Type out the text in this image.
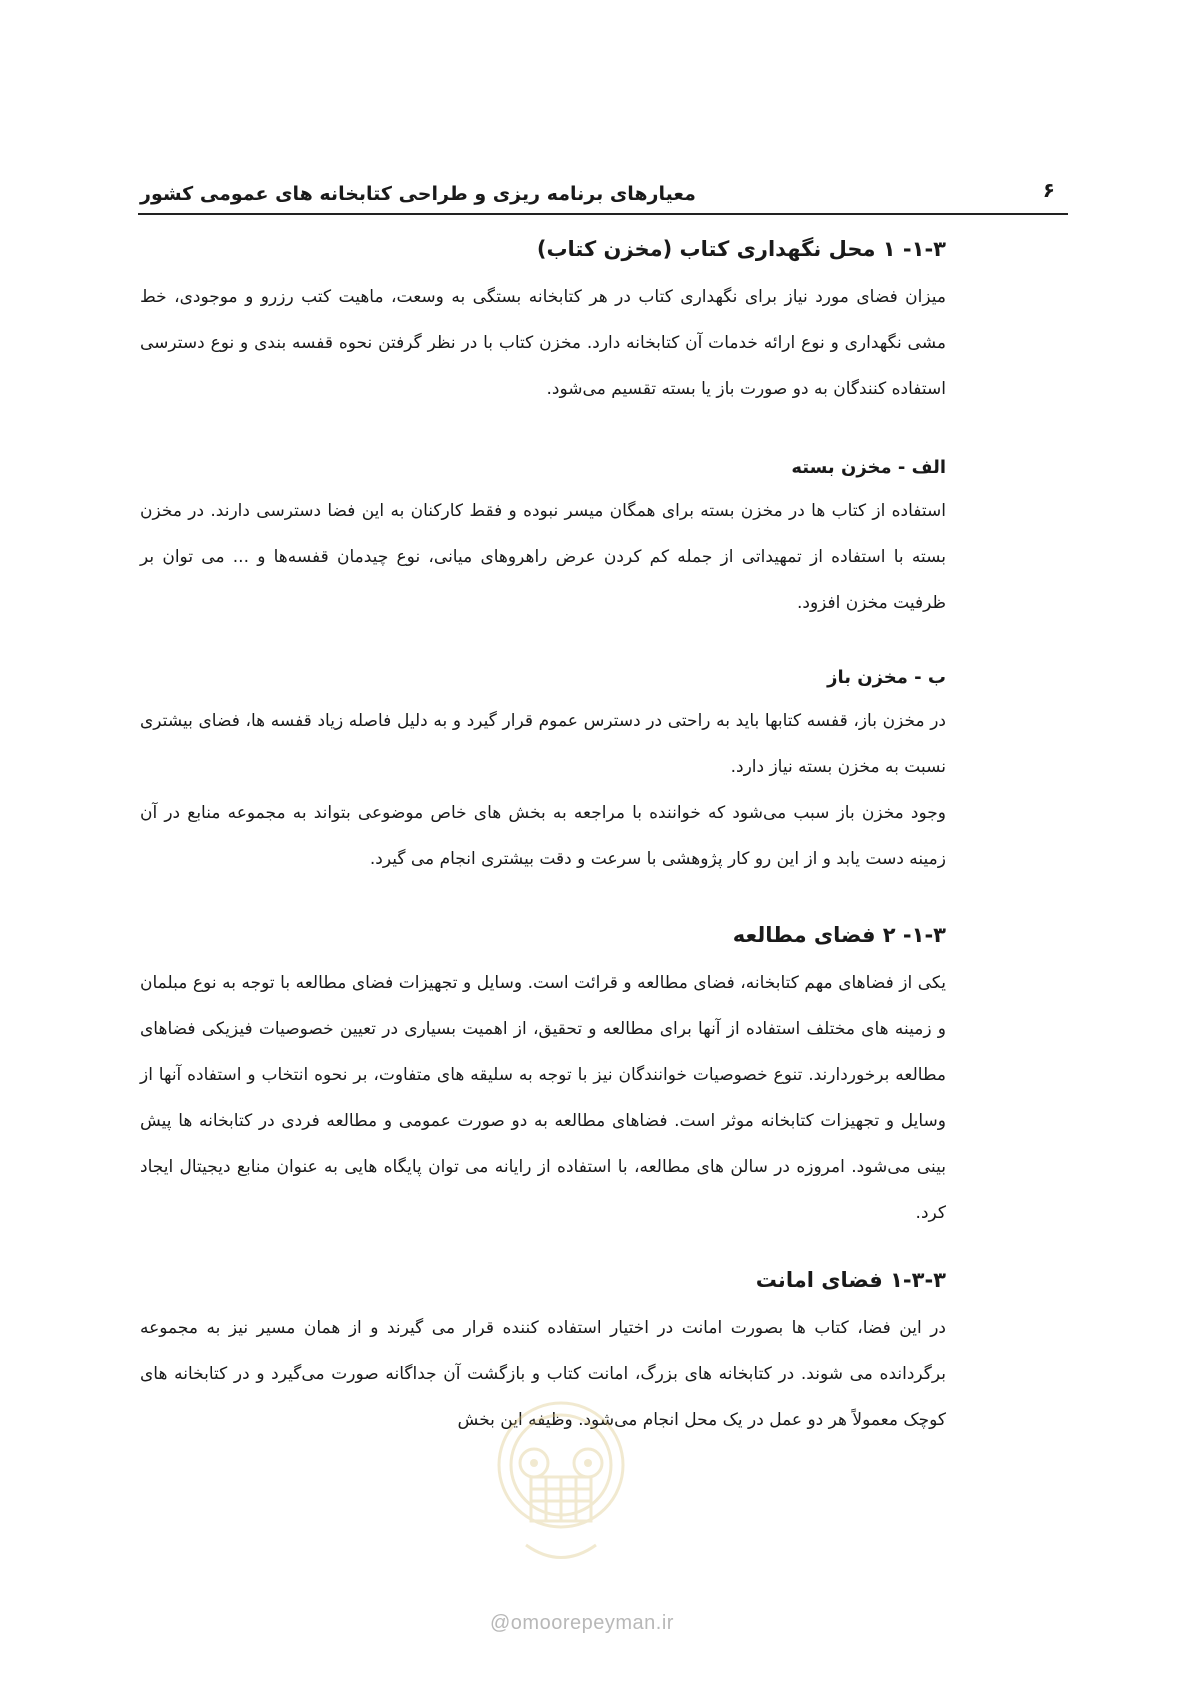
معیارهای برنامه ریزی و طراحی کتابخانه های عمومی کشور	۶
۱-۳- ۱ محل نگهداری کتاب (مخزن کتاب)

میزان فضای مورد نیاز برای نگهداری کتاب در هر کتابخانه بستگی به وسعت، ماهیت کتب رزرو و موجودی، خط مشی نگهداری و نوع ارائه خدمات آن کتابخانه دارد. مخزن کتاب با در نظر گرفتن نحوه قفسه بندی و نوع دسترسی استفاده کنندگان به دو صورت باز یا بسته تقسیم می‌شود.

الف - مخزن بسته

استفاده از کتاب ها در مخزن بسته برای همگان میسر نبوده و فقط کارکنان به این فضا دسترسی دارند. در مخزن بسته با استفاده از تمهیداتی از جمله کم کردن عرض راهروهای میانی، نوع چیدمان قفسه‌ها و ... می توان بر ظرفیت مخزن افزود.

ب - مخزن باز

در مخزن باز، قفسه کتابها باید به راحتی در دسترس عموم قرار گیرد و به دلیل فاصله زیاد قفسه ها، فضای بیشتری نسبت به مخزن بسته نیاز دارد.

وجود مخزن باز سبب می‌شود که خواننده با مراجعه به بخش های خاص موضوعی بتواند به مجموعه منابع در آن زمینه دست یابد و از این رو کار پژوهشی با سرعت و دقت بیشتری انجام می گیرد.

۱-۳- ۲ فضای مطالعه

یکی از فضاهای مهم کتابخانه، فضای مطالعه و قرائت است. وسایل و تجهیزات فضای مطالعه با توجه به نوع مبلمان و زمینه های مختلف استفاده از آنها برای مطالعه و تحقیق، از اهمیت بسیاری در تعیین خصوصیات فیزیکی فضاهای مطالعه برخوردارند. تنوع خصوصیات خوانندگان نیز با توجه به سلیقه های متفاوت، بر نحوه انتخاب و استفاده آنها از وسایل و تجهیزات کتابخانه موثر است. فضاهای مطالعه به دو صورت عمومی و مطالعه فردی در کتابخانه ها پیش بینی می‌شود. امروزه در سالن های مطالعه، با استفاده از رایانه می توان پایگاه هایی به عنوان منابع دیجیتال ایجاد کرد.

۱-۳-۳ فضای امانت

در این فضا، کتاب ها بصورت امانت در اختیار استفاده کننده قرار می گیرند و از همان مسیر نیز به مجموعه برگردانده می شوند. در کتابخانه های بزرگ، امانت کتاب و بازگشت آن جداگانه صورت می‌گیرد و در کتابخانه های کوچک معمولاً هر دو عمل در یک محل انجام می‌شود. وظیفه این بخش

@omoorepeyman.ir
